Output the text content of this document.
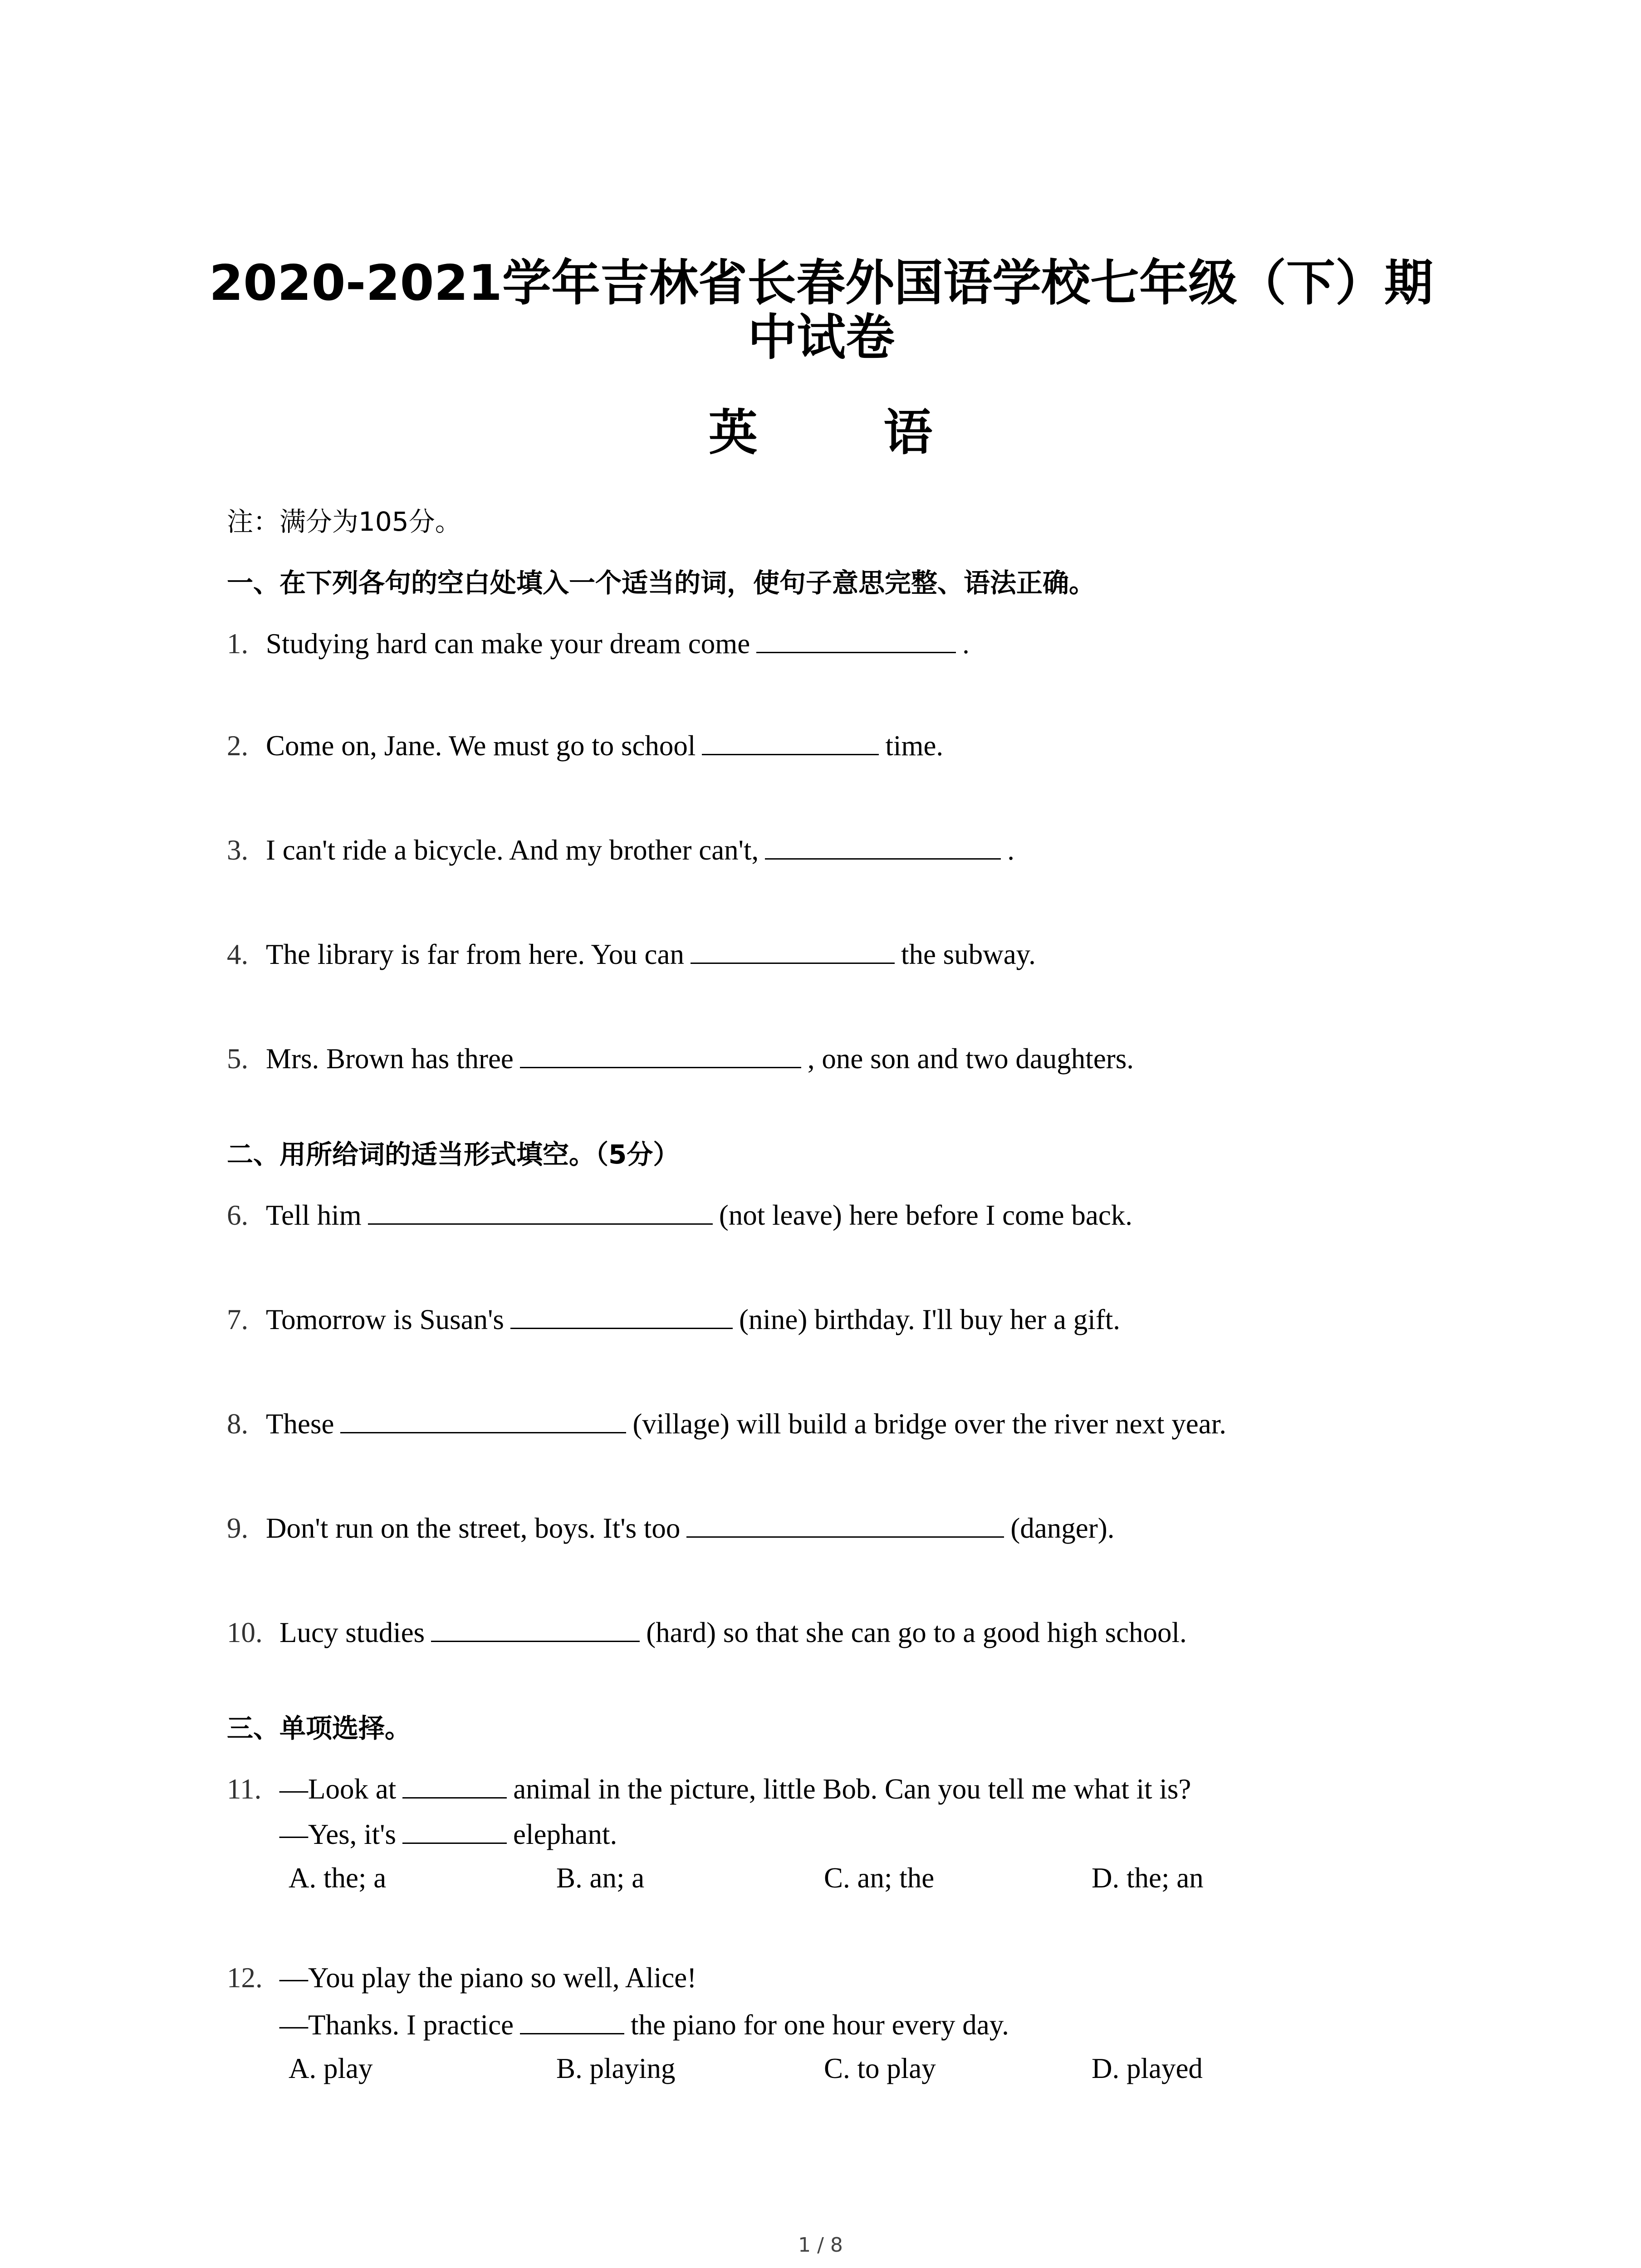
2020-2021学年吉林省长春外国语学校七年级（下）期
中试卷
英 语
注：满分为105分。
一、在下列各句的空白处填入一个适当的词，使句子意思完整、语法正确。
1. Studying hard can make your dream come	.
2. Come on, Jane. We must go to school	time.
3. I can't ride a bicycle. And my brother can't,	.
4. The library is far from here. You can	the subway.
5. Mrs. Brown has three	, one son and two daughters.
二、用所给词的适当形式填空。（5分）
6. Tell him	(not leave) here before I come back.
7. Tomorrow is Susan's	(nine) birthday. I'll buy her a gift.
8. These	(village) will build a bridge over the river next year.
9. Don't run on the street, boys. It's too	(danger).
10. Lucy studies	(hard) so that she can go to a good high school.
三、单项选择。
11. —Look at	animal in the picture, little Bob. Can you tell me what it is?
—Yes, it's	elephant.
A. the; a	B. an; a	C. an; the	D. the; an
12. —You play the piano so well, Alice!
—Thanks. I practice	the piano for one hour every day.
A. play	B. playing	C. to play	D. played
1 / 8
